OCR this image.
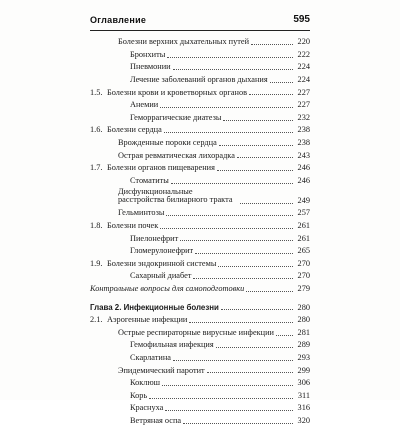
Оглавление	595
Болезни верхних дыхательных путей	220
Бронхиты	222
Пневмонии	224
Лечение заболеваний органов дыхания	224
1.5. Болезни крови и кроветворных органов	227
Анемии	227
Геморрагические диатезы	232
1.6. Болезни сердца	238
Врожденные пороки сердца	238
Острая ревматическая лихорадка	243
1.7. Болезни органов пищеварения	246
Стоматиты	246
Дисфункциональные расстройства билиарного тракта	249
Гельминтозы	257
1.8. Болезни почек	261
Пиелонефрит	261
Гломерулонефрит	265
1.9. Болезни эндокринной системы	270
Сахарный диабет	270
Контрольные вопросы для самоподготовки	279
Глава 2. Инфекционные болезни	280
2.1. Аэрогенные инфекции	280
Острые респираторные вирусные инфекции	281
Гемофильная инфекция	289
Скарлатина	293
Эпидемический паротит	299
Коклюш	306
Корь	311
Краснуха	316
Ветряная оспа	320
